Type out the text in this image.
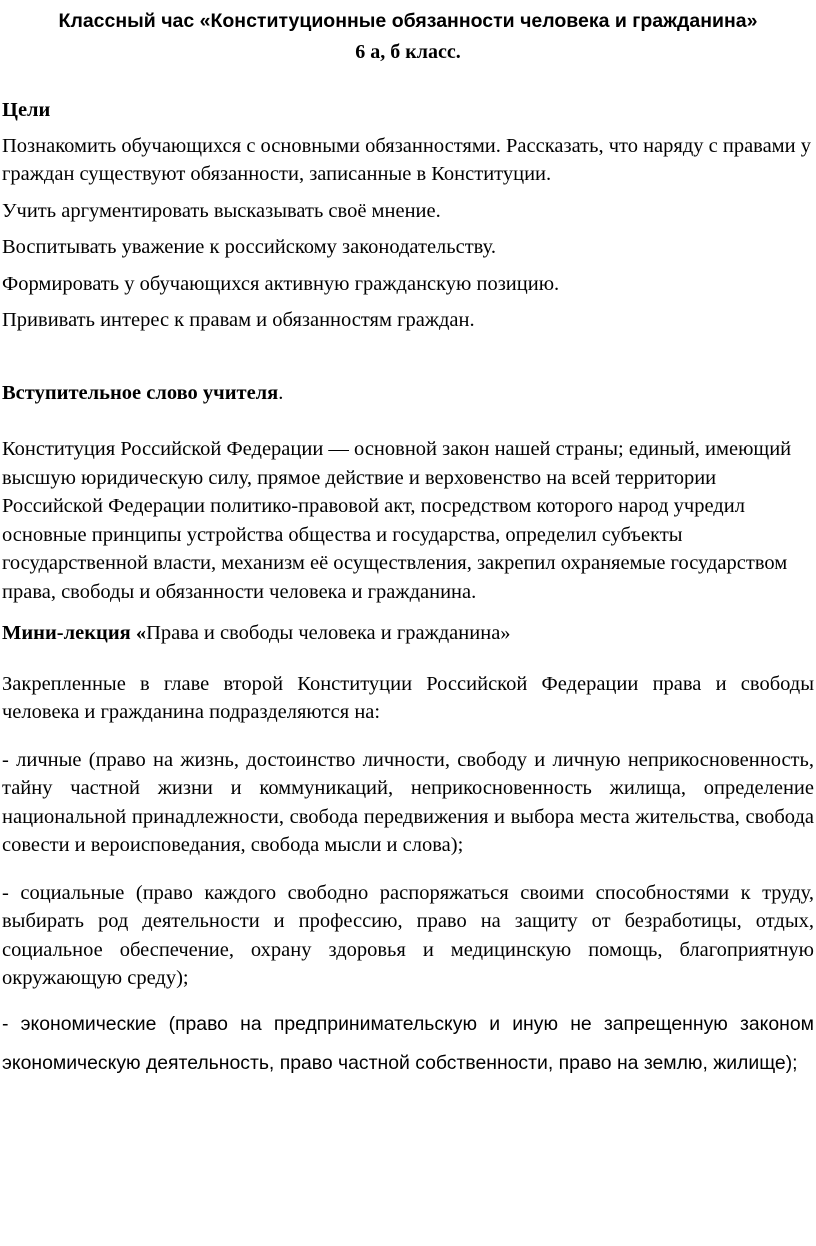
Классный час «Конституционные обязанности человека и гражданина»
6 а, б класс.
Цели
Познакомить обучающихся с основными обязанностями. Рассказать, что наряду с правами у граждан существуют обязанности, записанные в Конституции.
Учить аргументировать высказывать своё мнение.
Воспитывать уважение к российскому законодательству.
Формировать у обучающихся активную гражданскую позицию.
Прививать интерес к правам и обязанностям граждан.
Вступительное слово учителя.
Конституция Российской Федерации — основной закон нашей страны; единый, имеющий высшую юридическую силу, прямое действие и верховенство на всей территории Российской Федерации политико-правовой акт, посредством которого народ учредил основные принципы устройства общества и государства, определил субъекты государственной власти, механизм её осуществления, закрепил охраняемые государством права, свободы и обязанности человека и гражданина.
Мини-лекция «Права и свободы человека и гражданина»
Закрепленные в главе второй Конституции Российской Федерации права и свободы человека и гражданина подразделяются на:
- личные (право на жизнь, достоинство личности, свободу и личную неприкосновенность, тайну частной жизни и коммуникаций, неприкосновенность жилища, определение национальной принадлежности, свобода передвижения и выбора места жительства, свобода совести и вероисповедания, свобода мысли и слова);
- социальные (право каждого свободно распоряжаться своими способностями к труду, выбирать род деятельности и профессию, право на защиту от безработицы, отдых, социальное обеспечение, охрану здоровья и медицинскую помощь, благоприятную окружающую среду);
- экономические (право на предпринимательскую и иную не запрещенную законом экономическую деятельность, право частной собственности, право на землю, жилище);
